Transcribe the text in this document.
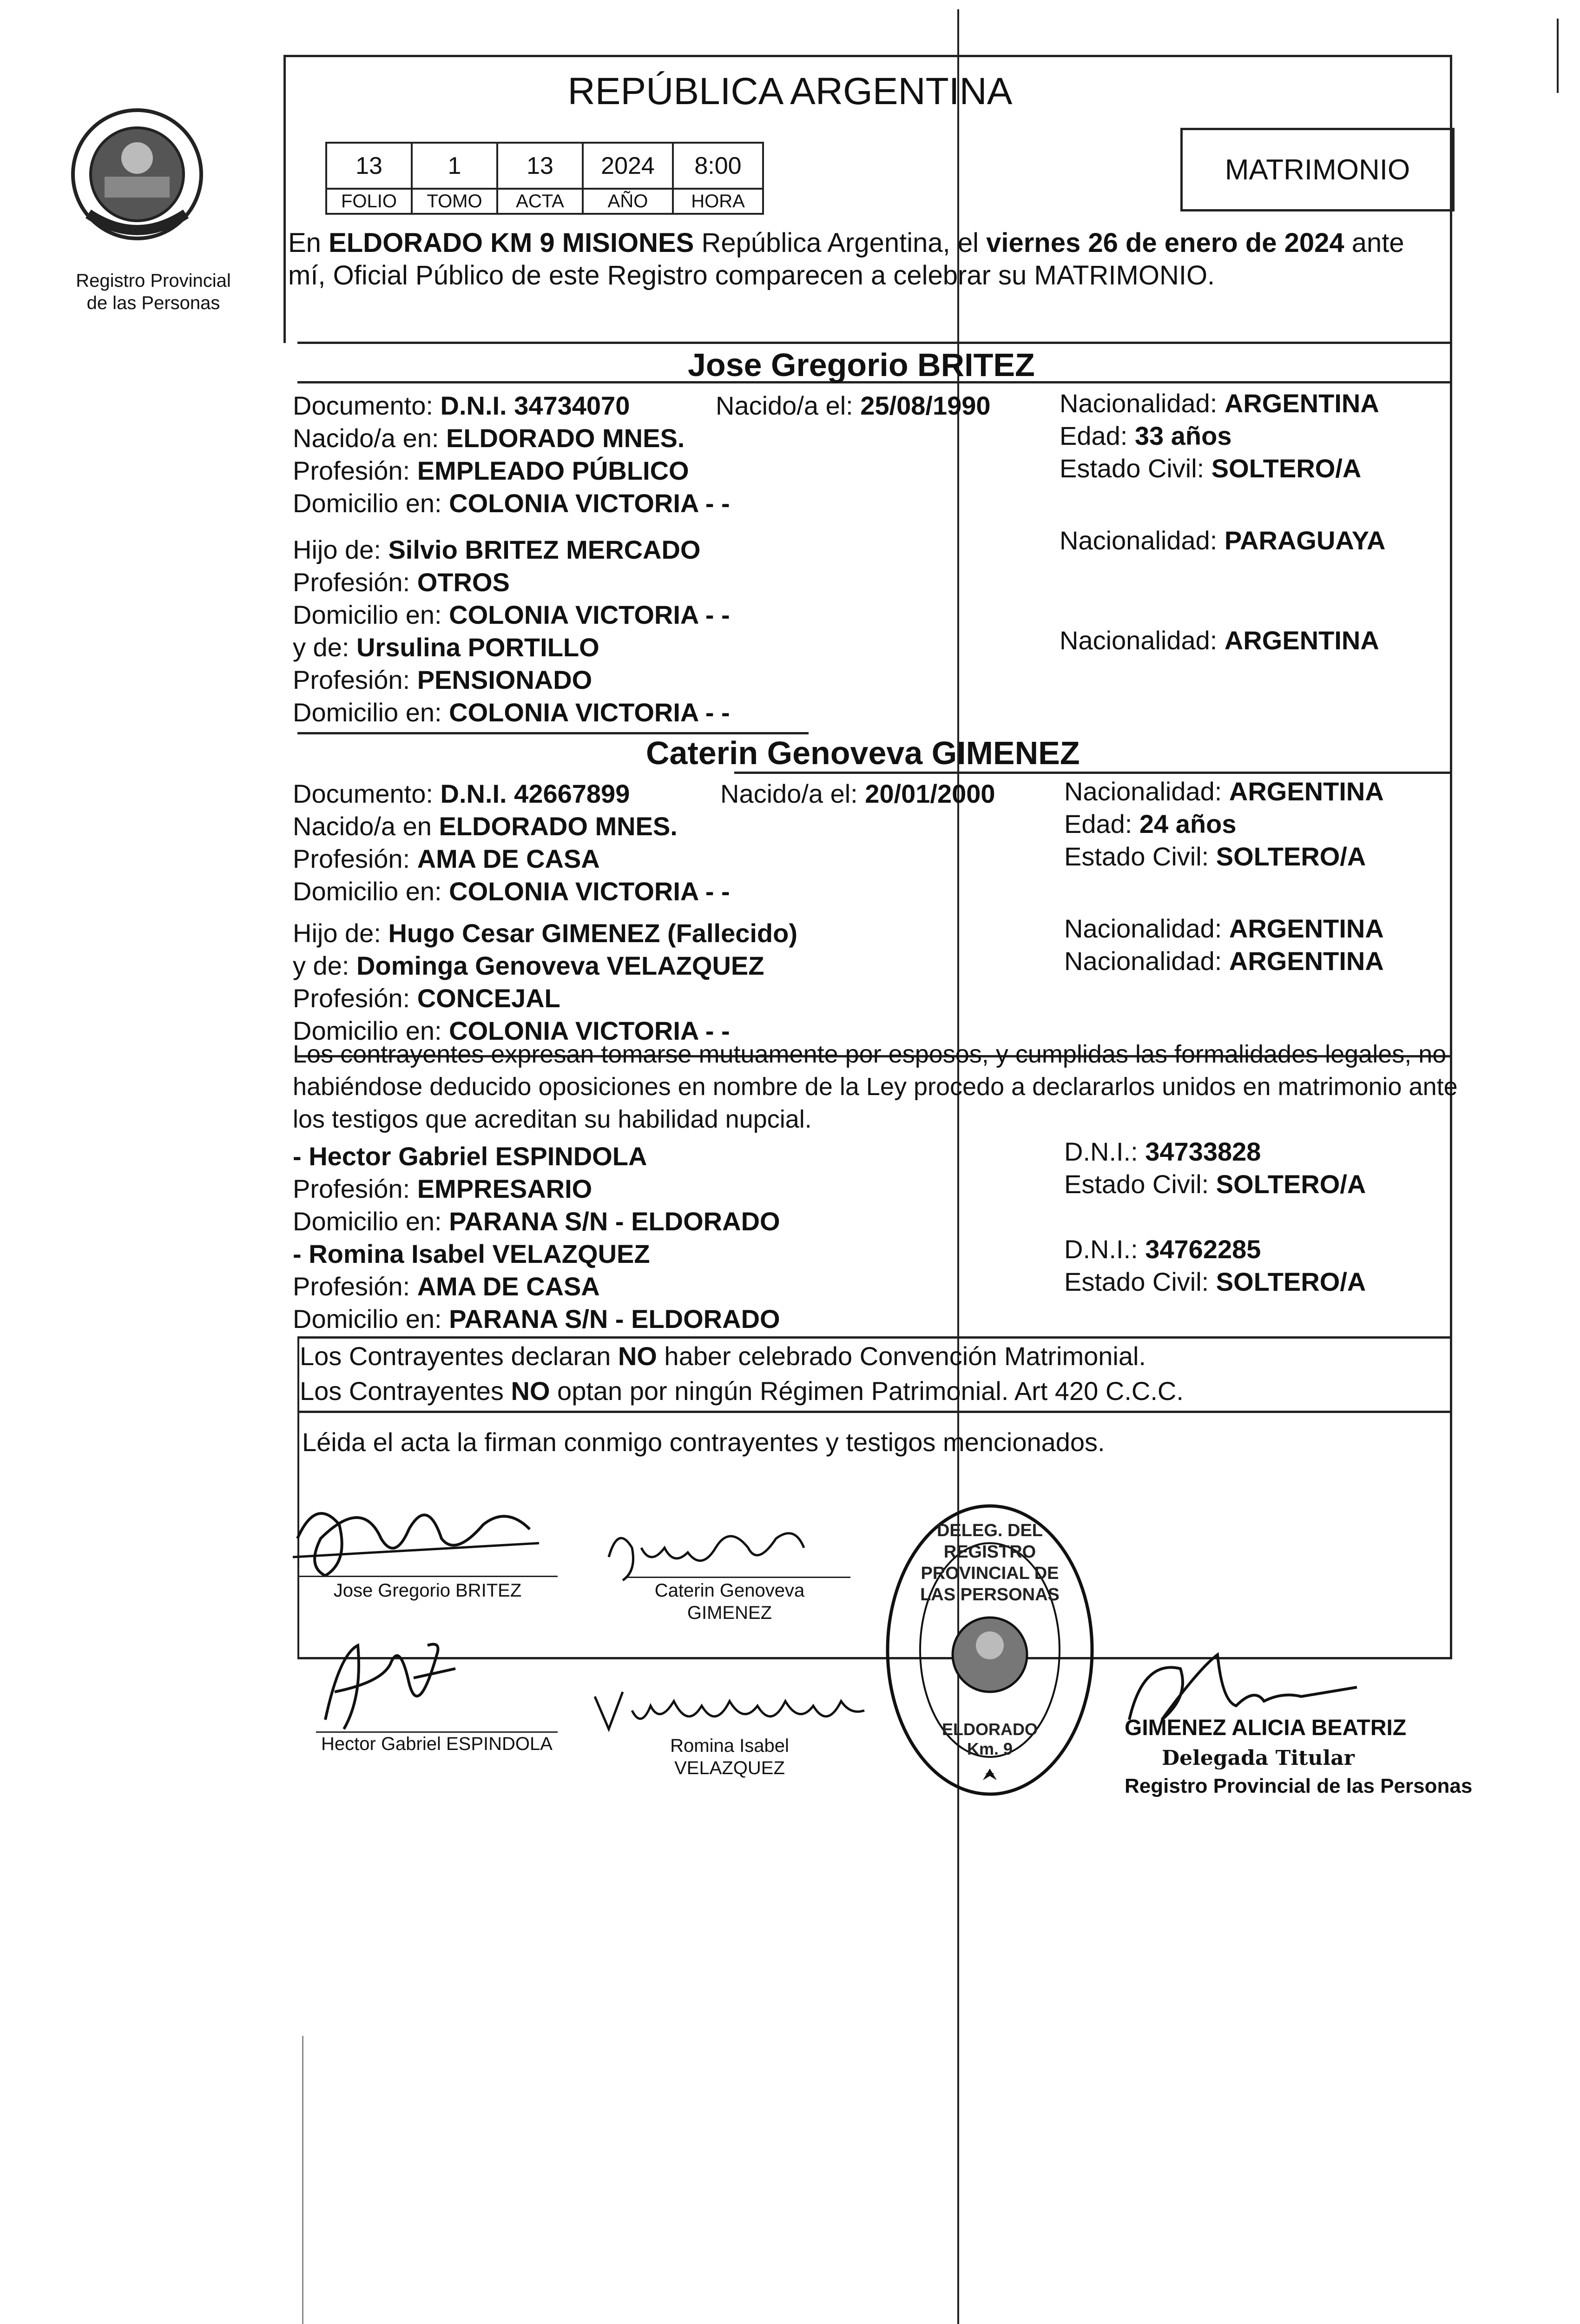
Registro Provincial
de las Personas
REPÚBLICA ARGENTINA
13	1	13	2024	8:00
FOLIO	TOMO	ACTA	AÑO	HORA
MATRIMONIO
En ELDORADO KM 9 MISIONES República Argentina, el viernes 26 de enero de 2024 ante
mí, Oficial Público de este Registro comparecen a celebrar su MATRIMONIO.
Jose Gregorio BRITEZ
Documento: D.N.I. 34734070	Nacido/a el: 25/08/1990	Nacionalidad: ARGENTINA
Nacido/a en: ELDORADO MNES.	Edad: 33 años
Profesión: EMPLEADO PÚBLICO	Estado Civil: SOLTERO/A
Domicilio en: COLONIA VICTORIA - -
Hijo de: Silvio BRITEZ MERCADO	Nacionalidad: PARAGUAYA
Profesión: OTROS
Domicilio en: COLONIA VICTORIA - -
y de: Ursulina PORTILLO	Nacionalidad: ARGENTINA
Profesión: PENSIONADO
Domicilio en: COLONIA VICTORIA - -
Caterin Genoveva GIMENEZ
Documento: D.N.I. 42667899	Nacido/a el: 20/01/2000	Nacionalidad: ARGENTINA
Nacido/a en ELDORADO MNES.	Edad: 24 años
Profesión: AMA DE CASA	Estado Civil: SOLTERO/A
Domicilio en: COLONIA VICTORIA - -
Hijo de: Hugo Cesar GIMENEZ (Fallecido)	Nacionalidad: ARGENTINA
y de: Dominga Genoveva VELAZQUEZ	Nacionalidad: ARGENTINA
Profesión: CONCEJAL
Domicilio en: COLONIA VICTORIA - -
Los contrayentes expresan tomarse mutuamente por esposos, y cumplidas las formalidades legales, no
habiéndose deducido oposiciones en nombre de la Ley procedo a declararlos unidos en matrimonio ante
los testigos que acreditan su habilidad nupcial.
- Hector Gabriel ESPINDOLA	D.N.I.: 34733828
Profesión: EMPRESARIO	Estado Civil: SOLTERO/A
Domicilio en: PARANA S/N - ELDORADO
- Romina Isabel VELAZQUEZ	D.N.I.: 34762285
Profesión: AMA DE CASA	Estado Civil: SOLTERO/A
Domicilio en: PARANA S/N - ELDORADO
Los Contrayentes declaran NO haber celebrado Convención Matrimonial.
Los Contrayentes NO optan por ningún Régimen Patrimonial. Art 420 C.C.C.
Léida el acta la firman conmigo contrayentes y testigos mencionados.
Jose Gregorio BRITEZ	Caterin Genoveva
GIMENEZ
Hector Gabriel ESPINDOLA	Romina Isabel
VELAZQUEZ
DELEG. DEL REGISTRO PROVINCIAL DE LAS PERSONAS
ELDORADO Km. 9
GIMENEZ ALICIA BEATRIZ
Delegada Titular
Registro Provincial de las Personas
